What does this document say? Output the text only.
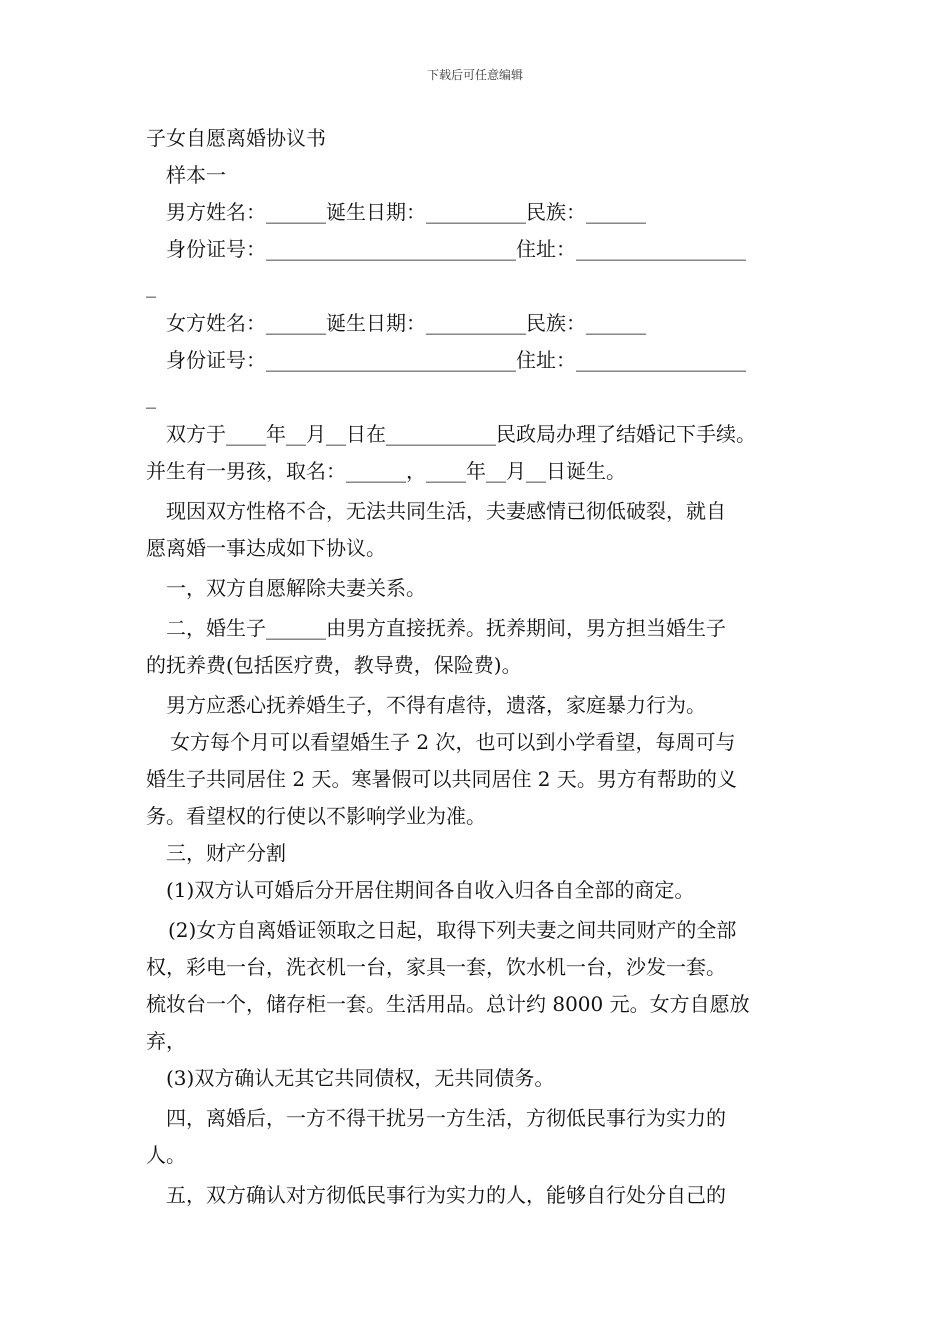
下载后可任意编辑
子女自愿离婚协议书
样本一
男方姓名：______诞生日期：__________民族：______
身份证号：_________________________住址：_________________
_
女方姓名：______诞生日期：__________民族：______
身份证号：_________________________住址：_________________
_
双方于____年__月__日在___________民政局办理了结婚记下手续。
并生有一男孩，取名：______，____年__月__日诞生。
现因双方性格不合，无法共同生活，夫妻感情已彻低破裂，就自
愿离婚一事达成如下协议。
一，双方自愿解除夫妻关系。
二，婚生子______由男方直接抚养。抚养期间，男方担当婚生子
的抚养费(包括医疗费，教导费，保险费)。
男方应悉心抚养婚生子，不得有虐待，遗落，家庭暴力行为。
女方每个月可以看望婚生子 2 次，也可以到小学看望，每周可与
婚生子共同居住 2 天。寒暑假可以共同居住 2 天。男方有帮助的义
务。看望权的行使以不影响学业为准。
三，财产分割
(1)双方认可婚后分开居住期间各自收入归各自全部的商定。
(2)女方自离婚证领取之日起，取得下列夫妻之间共同财产的全部
权，彩电一台，洗衣机一台，家具一套，饮水机一台，沙发一套。
梳妆台一个，储存柜一套。生活用品。总计约 8000 元。女方自愿放
弃，
(3)双方确认无其它共同债权，无共同债务。
四，离婚后，一方不得干扰另一方生活，方彻低民事行为实力的
人。
五，双方确认对方彻低民事行为实力的人，能够自行处分自己的
